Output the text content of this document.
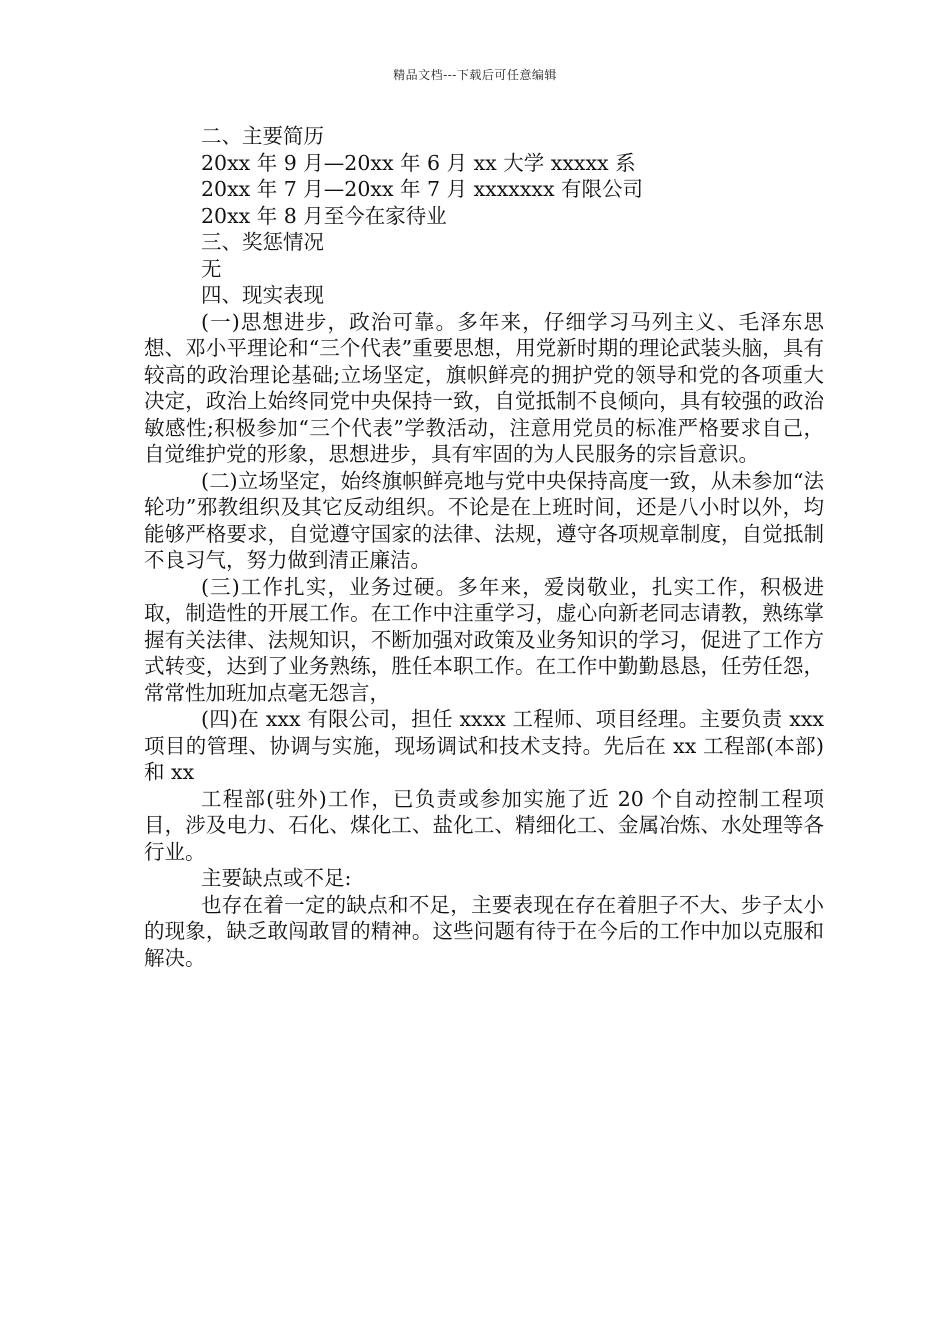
精品文档---下载后可任意编辑

二、主要简历

20xx 年 9 月—20xx 年 6 月 xx 大学 xxxxx 系

20xx 年 7 月—20xx 年 7 月 xxxxxxx 有限公司

20xx 年 8 月至今在家待业

三、奖惩情况

无

四、现实表现

(一)思想进步，政治可靠。多年来，仔细学习马列主义、毛泽东思想、邓小平理论和“三个代表”重要思想，用党新时期的理论武装头脑，具有较高的政治理论基础;立场坚定，旗帜鲜亮的拥护党的领导和党的各项重大决定，政治上始终同党中央保持一致，自觉抵制不良倾向，具有较强的政治敏感性;积极参加“三个代表”学教活动，注意用党员的标准严格要求自己，自觉维护党的形象，思想进步，具有牢固的为人民服务的宗旨意识。

(二)立场坚定，始终旗帜鲜亮地与党中央保持高度一致，从未参加“法轮功”邪教组织及其它反动组织。不论是在上班时间，还是八小时以外，均能够严格要求，自觉遵守国家的法律、法规，遵守各项规章制度，自觉抵制不良习气，努力做到清正廉洁。

(三)工作扎实，业务过硬。多年来，爱岗敬业，扎实工作，积极进取，制造性的开展工作。在工作中注重学习，虚心向新老同志请教，熟练掌握有关法律、法规知识，不断加强对政策及业务知识的学习，促进了工作方式转变，达到了业务熟练，胜任本职工作。在工作中勤勤恳恳，任劳任怨，常常性加班加点毫无怨言，

(四)在 xxx 有限公司，担任 xxxx 工程师、项目经理。主要负责 xxx 项目的管理、协调与实施，现场调试和技术支持。先后在 xx 工程部(本部)和 xx

工程部(驻外)工作，已负责或参加实施了近 20 个自动控制工程项目，涉及电力、石化、煤化工、盐化工、精细化工、金属冶炼、水处理等各行业。

主要缺点或不足:

也存在着一定的缺点和不足，主要表现在存在着胆子不大、步子太小的现象，缺乏敢闯敢冒的精神。这些问题有待于在今后的工作中加以克服和解决。
